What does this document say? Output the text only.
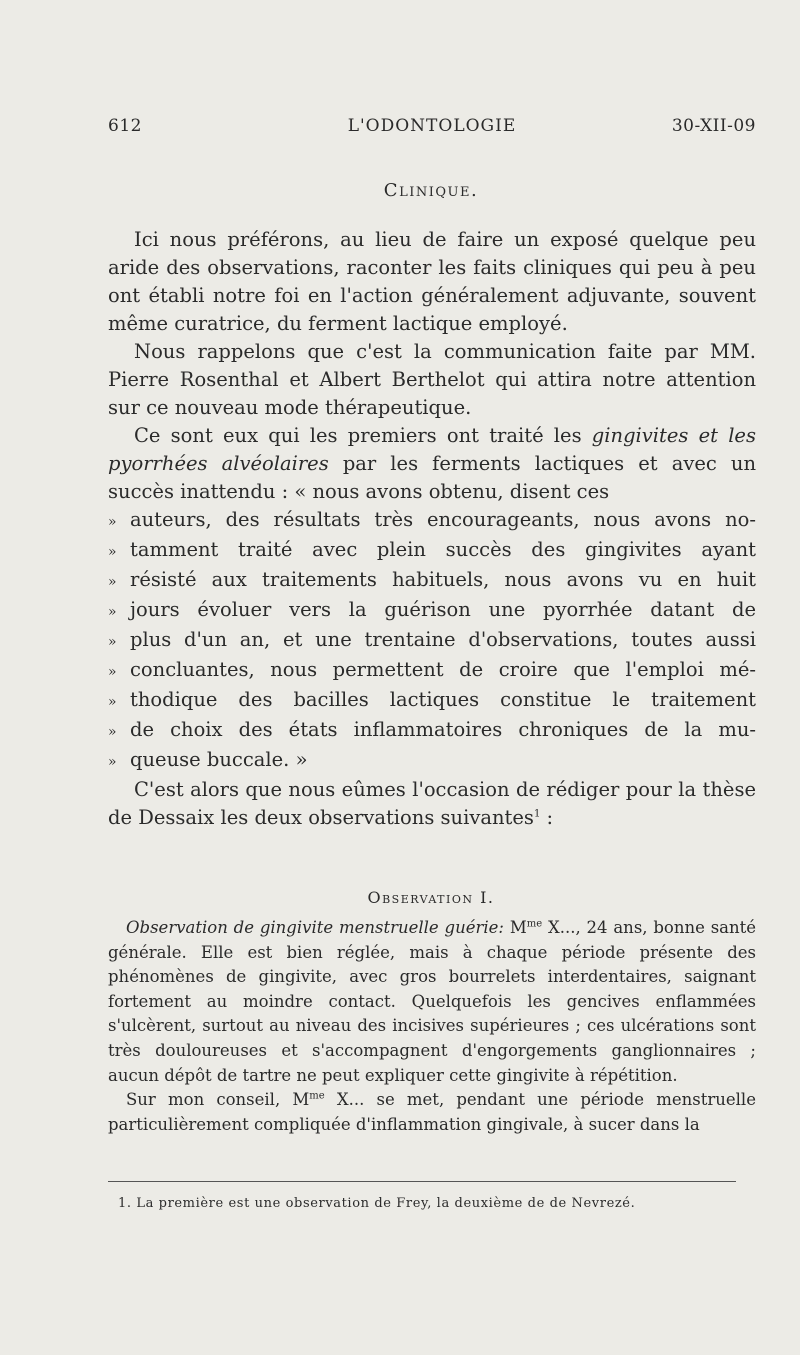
612	L'ODONTOLOGIE	30-XII-09
Clinique.

Ici nous préférons, au lieu de faire un exposé quelque peu aride des observations, raconter les faits cliniques qui peu à peu ont établi notre foi en l'action généralement adjuvante, souvent même curatrice, du ferment lactique employé.

Nous rappelons que c'est la communication faite par MM. Pierre Rosenthal et Albert Berthelot qui attira notre attention sur ce nouveau mode thérapeutique.

Ce sont eux qui les premiers ont traité les gingivites et les pyorrhées alvéolaires par les ferments lactiques et avec un succès inattendu : « nous avons obtenu, disent ces

» auteurs, des résultats très encourageants, nous avons no-
» tamment traité avec plein succès des gingivites ayant
» résisté aux traitements habituels, nous avons vu en huit
» jours évoluer vers la guérison une pyorrhée datant de
» plus d'un an, et une trentaine d'observations, toutes aussi
» concluantes, nous permettent de croire que l'emploi mé-
» thodique des bacilles lactiques constitue le traitement
» de choix des états inflammatoires chroniques de la mu-
» queuse buccale. »

C'est alors que nous eûmes l'occasion de rédiger pour la thèse de Dessaix les deux observations suivantes$^1$ :

Observation I.

Observation de gingivite menstruelle guérie: $M^{me}$ X..., 24 ans, bonne santé générale. Elle est bien réglée, mais à chaque période présente des phénomènes de gingivite, avec gros bourrelets interdentaires, saignant fortement au moindre contact. Quelquefois les gencives enflammées s'ulcèrent, surtout au niveau des incisives supérieures ; ces ulcérations sont très douloureuses et s'accompagnent d'engorgements ganglionnaires ; aucun dépôt de tartre ne peut expliquer cette gingivite à répétition.

Sur mon conseil, $M^{me}$ X... se met, pendant une période menstruelle particulièrement compliquée d'inflammation gingivale, à sucer dans la

1. La première est une observation de Frey, la deuxième de de Nevrezé.
